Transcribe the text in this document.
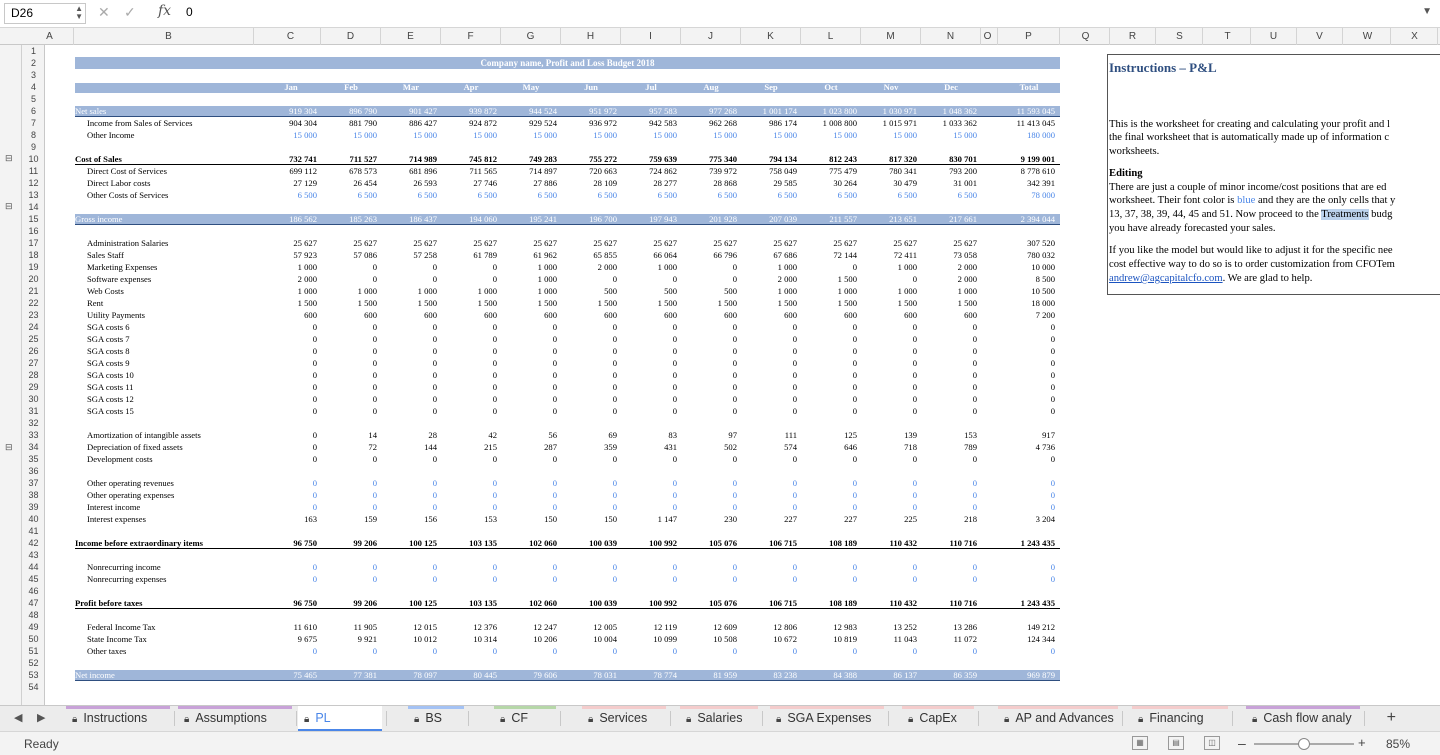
D26	▲
▼ ✕ ✓ fx 0	▼
A	B	C	D	E	F	G	H	I	J	K	L	M	N	O	P	Q	R	S	T	U	V	W	X
⊟
⊟
⊟
1
2
3
4
5
6
7
8
9
10
11
12
13
14
15
16
17
18
19
20
21
22
23
24
25
26
27
28
29
30
31
32
33
34
35
36
37
38
39
40
41
42
43
44
45
46
47
48
49
50
51
52
53
54
Company name, Profit and Loss Budget 2018
Jan	Feb	Mar	Apr	May	Jun	Jul	Aug	Sep	Oct	Nov	Dec	Total
Net sales	919 304	896 790	901 427	939 872	944 524	951 972	957 583	977 268	1 001 174	1 023 800	1 030 971	1 048 362	11 593 045
Income from Sales of Services	904 304	881 790	886 427	924 872	929 524	936 972	942 583	962 268	986 174	1 008 800	1 015 971	1 033 362	11 413 045
Other Income	15 000	15 000	15 000	15 000	15 000	15 000	15 000	15 000	15 000	15 000	15 000	15 000	180 000
Cost of Sales	732 741	711 527	714 989	745 812	749 283	755 272	759 639	775 340	794 134	812 243	817 320	830 701	9 199 001
Direct Cost of Services	699 112	678 573	681 896	711 565	714 897	720 663	724 862	739 972	758 049	775 479	780 341	793 200	8 778 610
Direct Labor costs	27 129	26 454	26 593	27 746	27 886	28 109	28 277	28 868	29 585	30 264	30 479	31 001	342 391
Other Costs of Services	6 500	6 500	6 500	6 500	6 500	6 500	6 500	6 500	6 500	6 500	6 500	6 500	78 000
Gross income	186 562	185 263	186 437	194 060	195 241	196 700	197 943	201 928	207 039	211 557	213 651	217 661	2 394 044
Administration Salaries	25 627	25 627	25 627	25 627	25 627	25 627	25 627	25 627	25 627	25 627	25 627	25 627	307 520
Sales Staff	57 923	57 086	57 258	61 789	61 962	65 855	66 064	66 796	67 686	72 144	72 411	73 058	780 032
Marketing Expenses	1 000	0	0	0	1 000	2 000	1 000	0	1 000	0	1 000	2 000	10 000
Software expenses	2 000	0	0	0	1 000	0	0	0	2 000	1 500	0	2 000	8 500
Web Costs	1 000	1 000	1 000	1 000	1 000	500	500	500	1 000	1 000	1 000	1 000	10 500
Rent	1 500	1 500	1 500	1 500	1 500	1 500	1 500	1 500	1 500	1 500	1 500	1 500	18 000
Utility Payments	600	600	600	600	600	600	600	600	600	600	600	600	7 200
SGA costs 6	0	0	0	0	0	0	0	0	0	0	0	0	0
SGA costs 7	0	0	0	0	0	0	0	0	0	0	0	0	0
SGA costs 8	0	0	0	0	0	0	0	0	0	0	0	0	0
SGA costs 9	0	0	0	0	0	0	0	0	0	0	0	0	0
SGA costs 10	0	0	0	0	0	0	0	0	0	0	0	0	0
SGA costs 11	0	0	0	0	0	0	0	0	0	0	0	0	0
SGA costs 12	0	0	0	0	0	0	0	0	0	0	0	0	0
SGA costs 15	0	0	0	0	0	0	0	0	0	0	0	0	0
Amortization of intangible assets	0	14	28	42	56	69	83	97	111	125	139	153	917
Depreciation of fixed assets	0	72	144	215	287	359	431	502	574	646	718	789	4 736
Development costs	0	0	0	0	0	0	0	0	0	0	0	0	0
Other operating revenues	0	0	0	0	0	0	0	0	0	0	0	0	0
Other operating expenses	0	0	0	0	0	0	0	0	0	0	0	0	0
Interest income	0	0	0	0	0	0	0	0	0	0	0	0	0
Interest expenses	163	159	156	153	150	150	1 147	230	227	227	225	218	3 204
Income before extraordinary items	96 750	99 206	100 125	103 135	102 060	100 039	100 992	105 076	106 715	108 189	110 432	110 716	1 243 435
Nonrecurring income	0	0	0	0	0	0	0	0	0	0	0	0	0
Nonrecurring expenses	0	0	0	0	0	0	0	0	0	0	0	0	0
Profit before taxes	96 750	99 206	100 125	103 135	102 060	100 039	100 992	105 076	106 715	108 189	110 432	110 716	1 243 435
Federal Income Tax	11 610	11 905	12 015	12 376	12 247	12 005	12 119	12 609	12 806	12 983	13 252	13 286	149 212
State Income Tax	9 675	9 921	10 012	10 314	10 206	10 004	10 099	10 508	10 672	10 819	11 043	11 072	124 344
Other taxes	0	0	0	0	0	0	0	0	0	0	0	0	0
Net income	75 465	77 381	78 097	80 445	79 606	78 031	78 774	81 959	83 238	84 388	86 137	86 359	969 879
Instructions – P&L
This is the worksheet for creating and calculating your profit and l
the final worksheet that is automatically made up of information c
worksheets.
Editing
There are just a couple of minor income/cost positions that are ed
worksheet. Their font color is blue and they are the only cells that y
13, 37, 38, 39, 44, 45 and 51. Now proceed to the Treatments budg
you have already forecasted your sales.
If you like the model but would like to adjust it for the specific nee
cost effective way to do so is to order customization from CFOTem
andrew@agcapitalcfo.com. We are glad to help.
◀ ▶	🔒︎ Instructions	🔒︎ Assumptions	🔒︎ PL	🔒︎ BS	🔒︎ CF	🔒︎ Services	🔒︎ Salaries	🔒︎ SGA Expenses	🔒︎ CapEx	🔒︎ AP and Advances	🔒︎ Financing	🔒︎ Cash flow analy	+
Ready	▦	▤	◫	–	+ 85%
